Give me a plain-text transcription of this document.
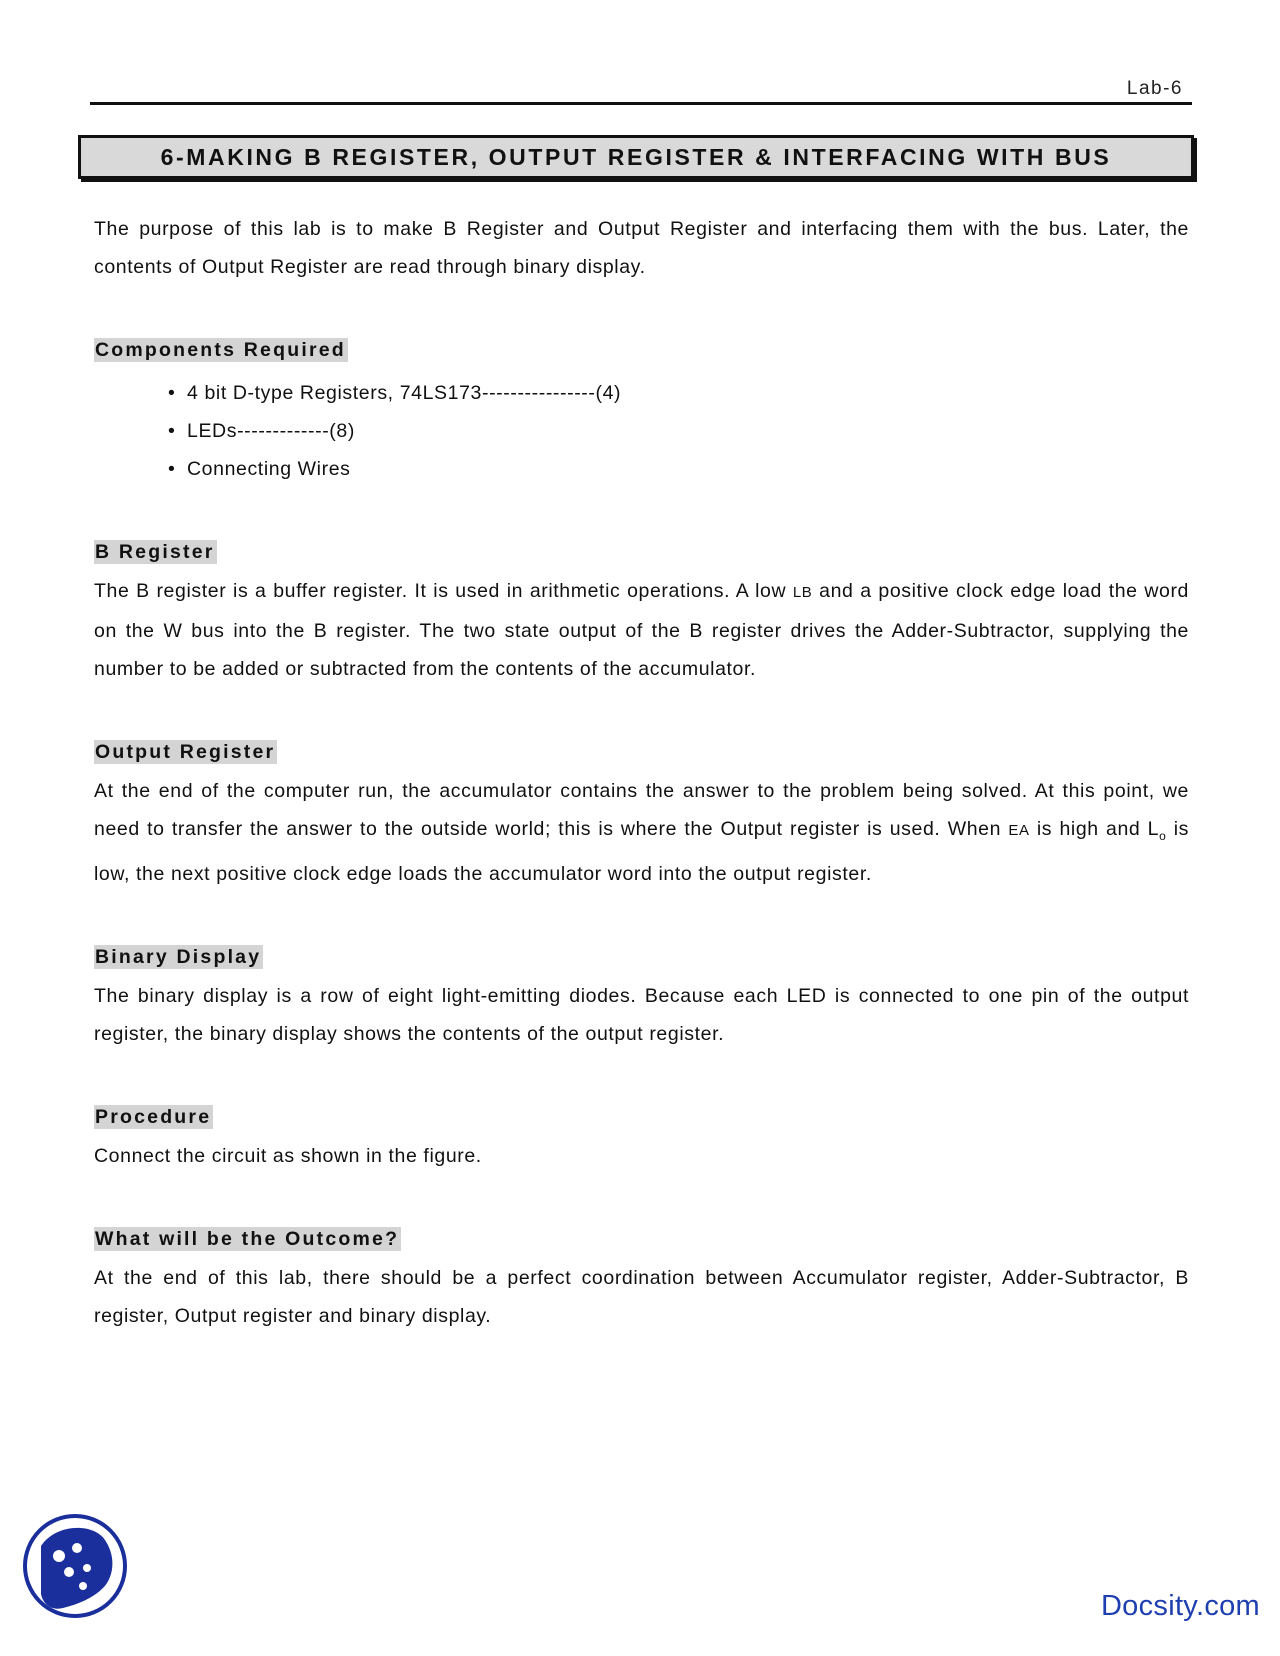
Lab-6
6-MAKING B REGISTER, OUTPUT REGISTER & INTERFACING WITH BUS

The purpose of this lab is to make B Register and Output Register and interfacing them with the bus. Later, the contents of Output Register are read through binary display.

Components Required
• 4 bit D-type Registers, 74LS173----------------(4)
• LEDs-------------(8)
• Connecting Wires
B Register

The B register is a buffer register. It is used in arithmetic operations. A low LB and a positive clock edge load the word on the W bus into the B register. The two state output of the B register drives the Adder-Subtractor, supplying the number to be added or subtracted from the contents of the accumulator.

Output Register

At the end of the computer run, the accumulator contains the answer to the problem being solved. At this point, we need to transfer the answer to the outside world; this is where the Output register is used. When EA is high and $L_o$ is low, the next positive clock edge loads the accumulator word into the output register.

Binary Display

The binary display is a row of eight light-emitting diodes. Because each LED is connected to one pin of the output register, the binary display shows the contents of the output register.

Procedure

Connect the circuit as shown in the figure.

What will be the Outcome?

At the end of this lab, there should be a perfect coordination between Accumulator register, Adder-Subtractor, B register, Output register and binary display.

Docsity.com
